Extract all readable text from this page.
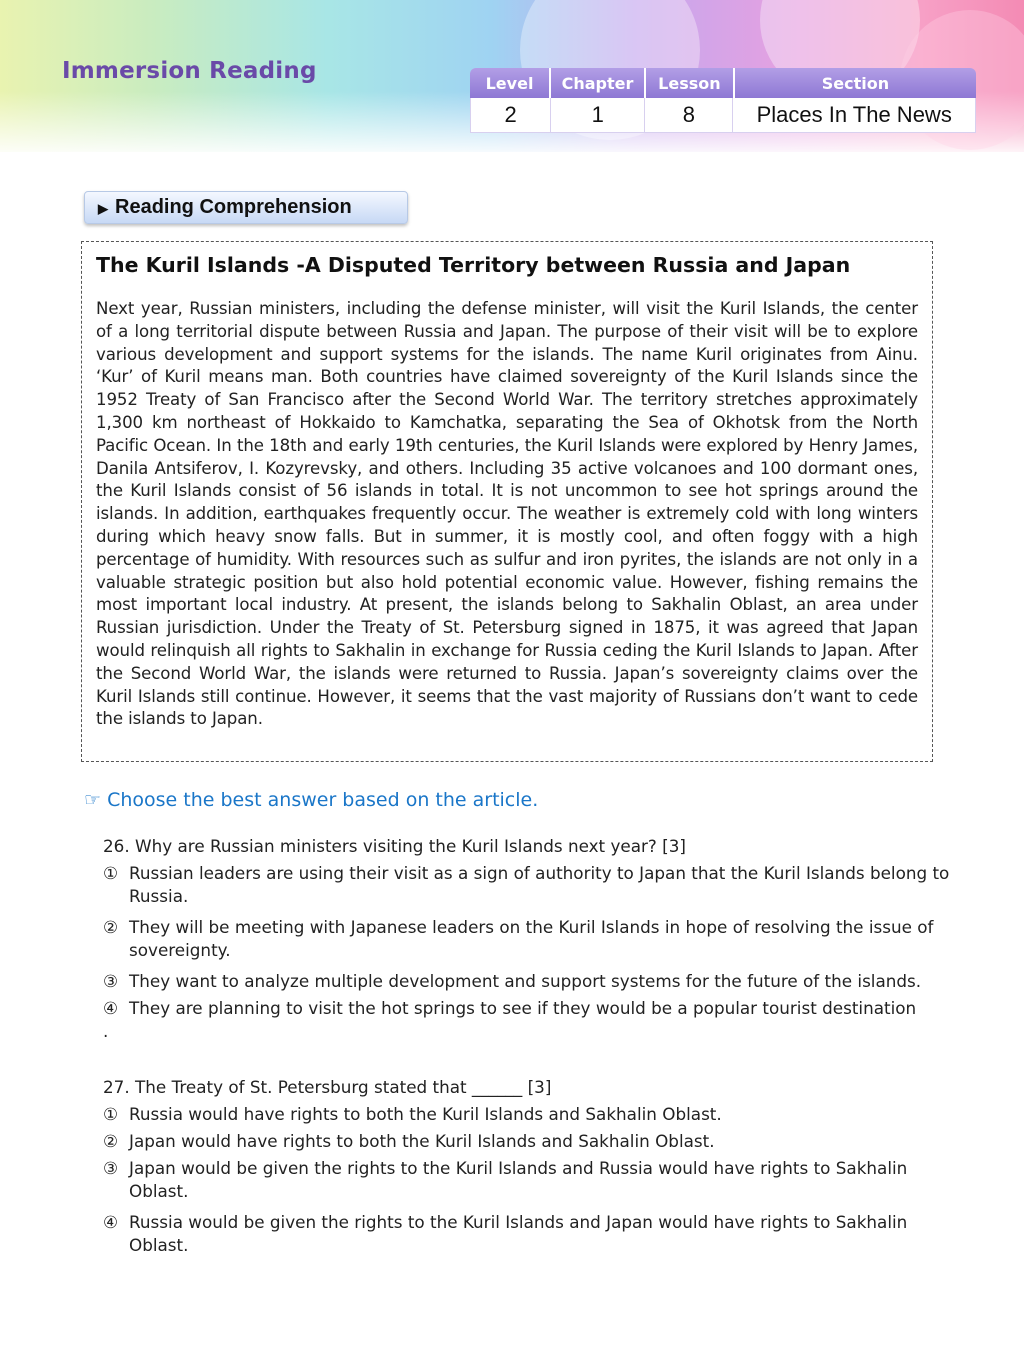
Immersion Reading	Level	Chapter	Lesson	Section
2	1	8	Places In The News
▶ Reading Comprehension
The Kuril Islands -A Disputed Territory between Russia and Japan

Next year, Russian ministers, including the defense minister, will visit the Kuril Islands, the center of a long territorial dispute between Russia and Japan. The purpose of their visit will be to explore various development and support systems for the islands. The name Kuril originates from Ainu. ‘Kur’ of Kuril means man. Both countries have claimed sovereignty of the Kuril Islands since the 1952 Treaty of San Francisco after the Second World War. The territory stretches approximately 1,300 km northeast of Hokkaido to Kamchatka, separating the Sea of Okhotsk from the North Pacific Ocean. In the 18th and early 19th centuries, the Kuril Islands were explored by Henry James, Danila Antsiferov, I. Kozyrevsky, and others. Including 35 active volcanoes and 100 dormant ones, the Kuril Islands consist of 56 islands in total. It is not uncommon to see hot springs around the islands. In addition, earthquakes frequently occur. The weather is extremely cold with long winters during which heavy snow falls. But in summer, it is mostly cool, and often foggy with a high percentage of humidity. With resources such as sulfur and iron pyrites, the islands are not only in a valuable strategic position but also hold potential economic value. However, fishing remains the most important local industry. At present, the islands belong to Sakhalin Oblast, an area under Russian jurisdiction. Under the Treaty of St. Petersburg signed in 1875, it was agreed that Japan would relinquish all rights to Sakhalin in exchange for Russia ceding the Kuril Islands to Japan. After the Second World War, the islands were returned to Russia. Japan’s sovereignty claims over the Kuril Islands still continue. However, it seems that the vast majority of Russians don’t want to cede the islands to Japan.

☞ Choose the best answer based on the article.
26. Why are Russian ministers visiting the Kuril Islands next year? [3]
① Russian leaders are using their visit as a sign of authority to Japan that the Kuril Islands belong to Russia.
② They will be meeting with Japanese leaders on the Kuril Islands in hope of resolving the issue of sovereignty.
③ They want to analyze multiple development and support systems for the future of the islands.
④ They are planning to visit the hot springs to see if they would be a popular tourist destination
.
27. The Treaty of St. Petersburg stated that ______ [3]
① Russia would have rights to both the Kuril Islands and Sakhalin Oblast.
② Japan would have rights to both the Kuril Islands and Sakhalin Oblast.
③ Japan would be given the rights to the Kuril Islands and Russia would have rights to Sakhalin Oblast.
④ Russia would be given the rights to the Kuril Islands and Japan would have rights to Sakhalin Oblast.
